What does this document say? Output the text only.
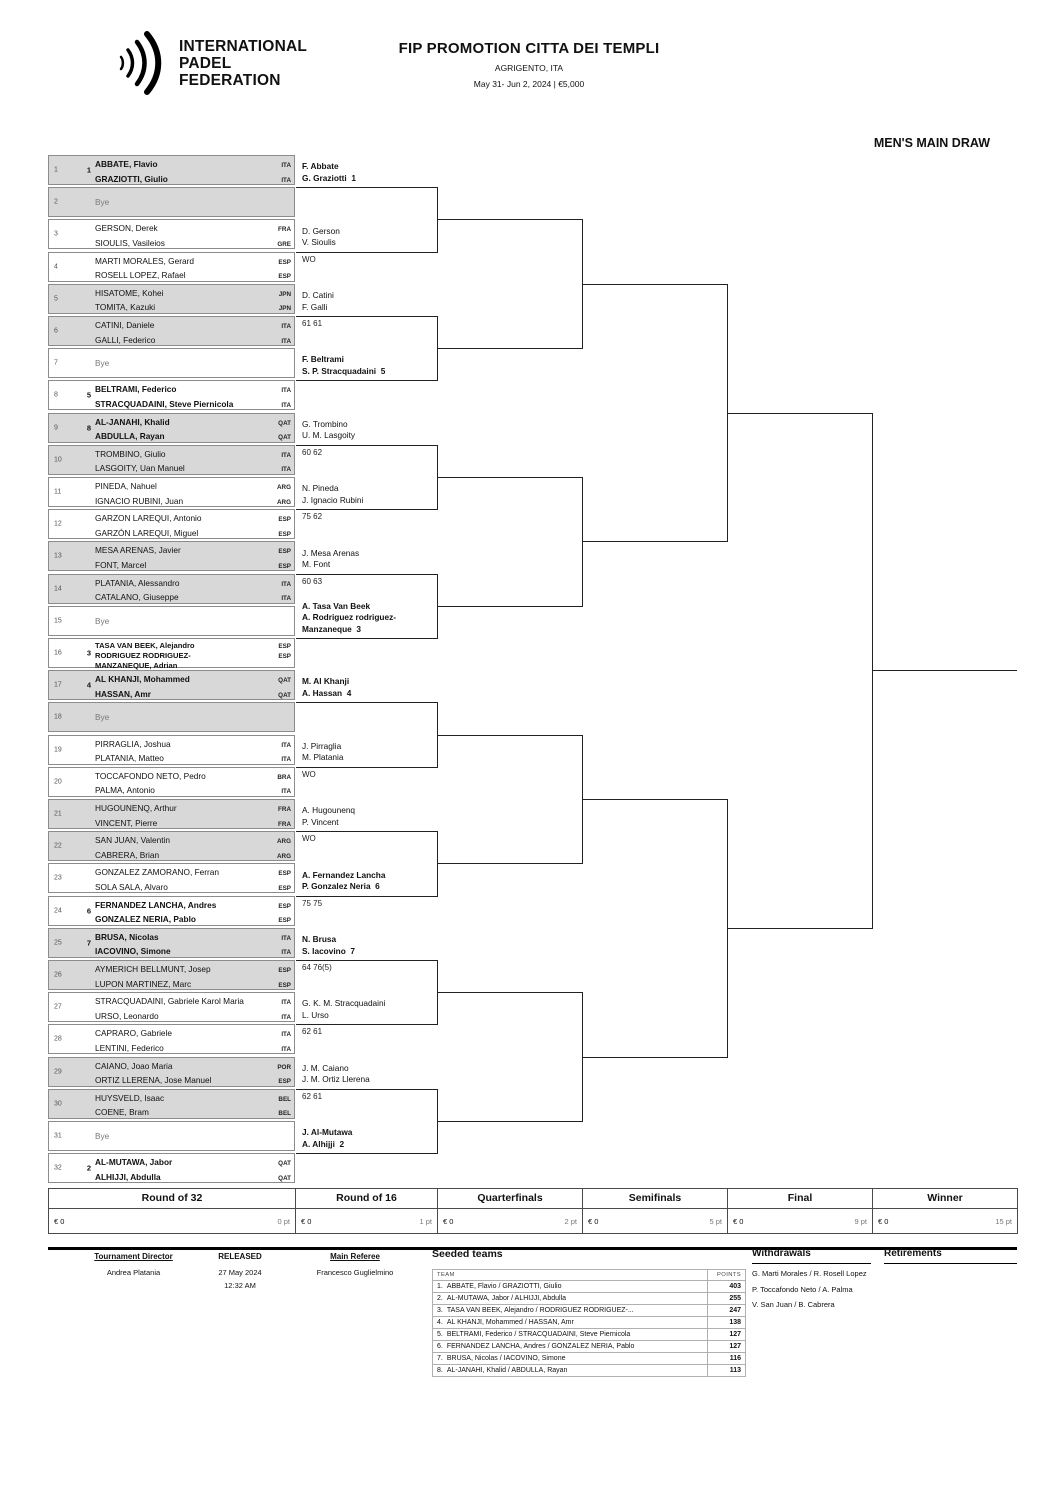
INTERNATIONAL
PADEL
FEDERATION
FIP PROMOTION CITTA DEI TEMPLI
AGRIGENTO, ITA
May 31- Jun 2, 2024 | €5,000
MEN'S MAIN DRAW
1	1
ABBATE, Flavio	ITA
GRAZIOTTI, Giulio	ITA
2	Bye
3
GERSON, Derek	FRA
SIOULIS, Vasileios	GRE
4
MARTI MORALES, Gerard	ESP
ROSELL LOPEZ, Rafael	ESP
5
HISATOME, Kohei	JPN
TOMITA, Kazuki	JPN
6
CATINI, Daniele	ITA
GALLI, Federico	ITA
7	Bye
8	5
BELTRAMI, Federico	ITA
STRACQUADAINI, Steve Piernicola	ITA
9	8
AL-JANAHI, Khalid	QAT
ABDULLA, Rayan	QAT
10
TROMBINO, Giulio	ITA
LASGOITY, Uan Manuel	ITA
11
PINEDA, Nahuel	ARG
IGNACIO RUBINI, Juan	ARG
12
GARZON LAREQUI, Antonio	ESP
GARZÓN LAREQUI, Miguel	ESP
13
MESA ARENAS, Javier	ESP
FONT, Marcel	ESP
14
PLATANIA, Alessandro	ITA
CATALANO, Giuseppe	ITA
15	Bye
16	3
TASA VAN BEEK, Alejandro	ESP
RODRIGUEZ RODRIGUEZ-	ESP
MANZANEQUE, Adrian
17	4
AL KHANJI, Mohammed	QAT
HASSAN, Amr	QAT
18	Bye
19
PIRRAGLIA, Joshua	ITA
PLATANIA, Matteo	ITA
20
TOCCAFONDO NETO, Pedro	BRA
PALMA, Antonio	ITA
21
HUGOUNENQ, Arthur	FRA
VINCENT, Pierre	FRA
22
SAN JUAN, Valentin	ARG
CABRERA, Brian	ARG
23
GONZALEZ ZAMORANO, Ferran	ESP
SOLA SALA, Alvaro	ESP
24	6
FERNANDEZ LANCHA, Andres	ESP
GONZALEZ NERIA, Pablo	ESP
25	7
BRUSA, Nicolas	ITA
IACOVINO, Simone	ITA
26
AYMERICH BELLMUNT, Josep	ESP
LUPON MARTINEZ, Marc	ESP
27
STRACQUADAINI, Gabriele Karol Maria	ITA
URSO, Leonardo	ITA
28
CAPRARO, Gabriele	ITA
LENTINI, Federico	ITA
29
CAIANO, Joao Maria	POR
ORTIZ LLERENA, Jose Manuel	ESP
30
HUYSVELD, Isaac	BEL
COENE, Bram	BEL
31	Bye
32	2
AL-MUTAWA, Jabor	QAT
ALHIJJI, Abdulla	QAT
F. Abbate
G. Graziotti  1
D. Gerson
V. Sioulis
WO
D. Catini
F. Galli
61 61
F. Beltrami
S. P. Stracquadaini  5
G. Trombino
U. M. Lasgoity
60 62
N. Pineda
J. Ignacio Rubini
75 62
J. Mesa Arenas
M. Font
60 63
A. Tasa Van Beek
A. Rodriguez rodriguez-
Manzaneque  3
M. Al Khanji
A. Hassan  4
J. Pirraglia
M. Platania
WO
A. Hugounenq
P. Vincent
WO
A. Fernandez Lancha
P. Gonzalez Neria  6
75 75
N. Brusa
S. Iacovino  7
64 76(5)
G. K. M. Stracquadaini
L. Urso
62 61
J. M. Caiano
J. M. Ortiz Llerena
62 61
J. Al-Mutawa
A. Alhijji  2
Round of 32
€ 0	0 pt
Round of 16
€ 0	1 pt
Quarterfinals
€ 0	2 pt
Semifinals
€ 0	5 pt
Final
€ 0	9 pt
Winner
€ 0	15 pt
Tournament Director
Andrea Platania
RELEASED
27 May 2024
12:32 AM
Main Referee
Francesco Guglielmino
Seeded teams
TEAM	POINTS
1. ABBATE, Flavio / GRAZIOTTI, Giulio	403
2. AL-MUTAWA, Jabor / ALHIJJI, Abdulla	255
3. TASA VAN BEEK, Alejandro / RODRIGUEZ RODRIGUEZ-...	247
4. AL KHANJI, Mohammed / HASSAN, Amr	138
5. BELTRAMI, Federico / STRACQUADAINI, Steve Piernicola	127
6. FERNANDEZ LANCHA, Andres / GONZALEZ NERIA, Pablo	127
7. BRUSA, Nicolas / IACOVINO, Simone	116
8. AL-JANAHI, Khalid / ABDULLA, Rayan	113
Withdrawals
G. Marti Morales / R. Rosell Lopez
P. Toccafondo Neto / A. Palma
V. San Juan / B. Cabrera
Retirements
